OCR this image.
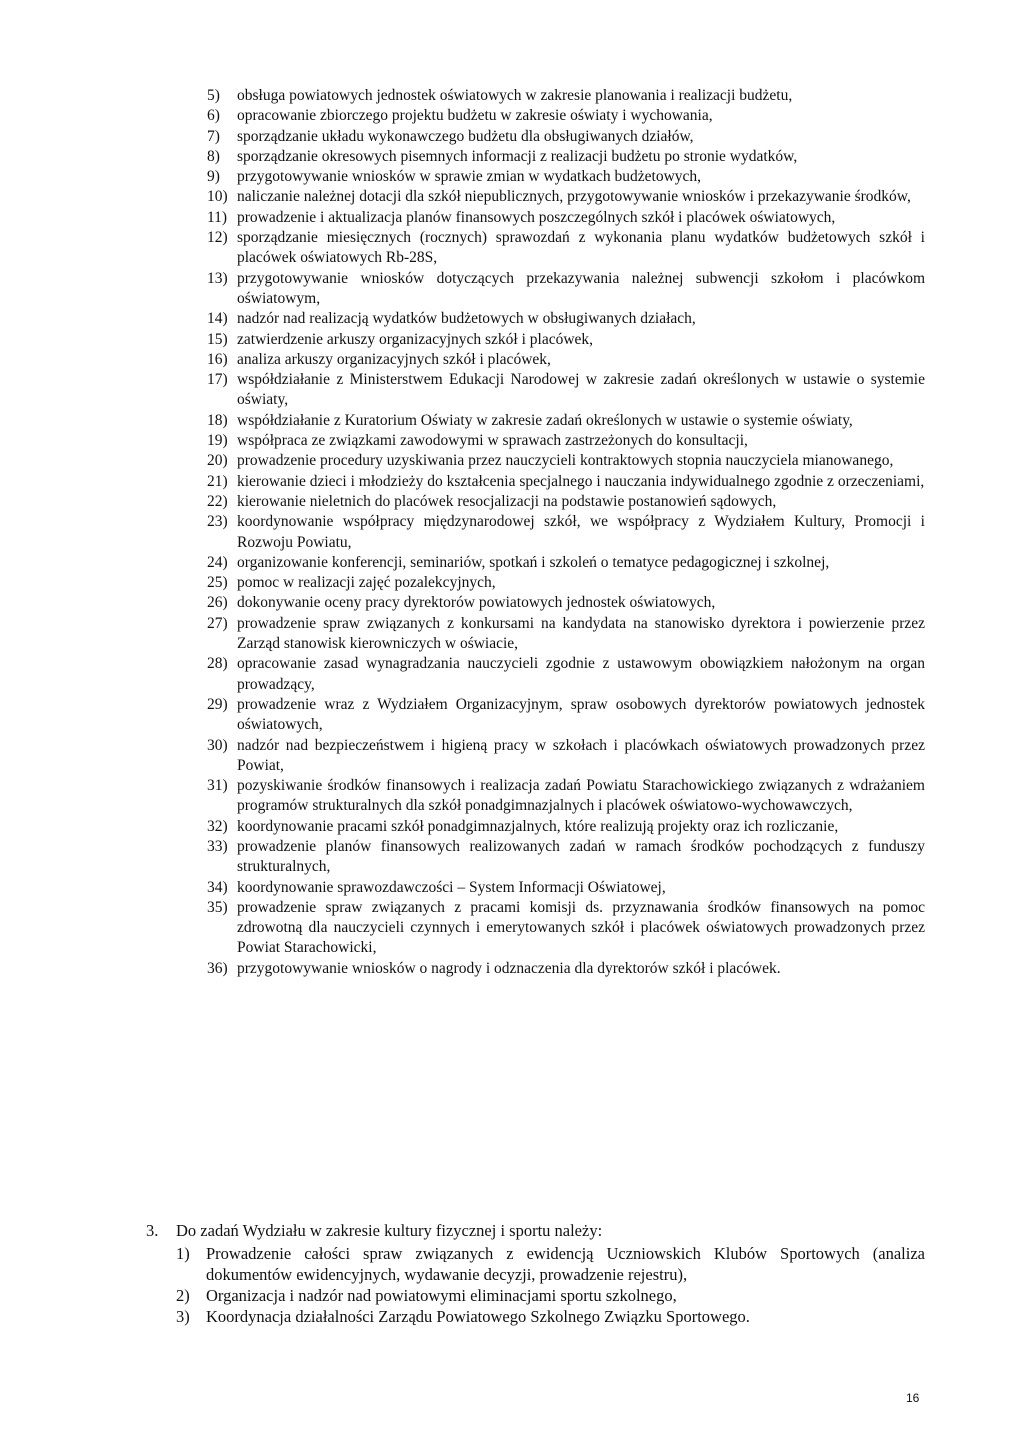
5)	obsługa powiatowych jednostek oświatowych w zakresie planowania i realizacji budżetu,
6)	opracowanie zbiorczego projektu budżetu w zakresie oświaty i wychowania,
7)	sporządzanie układu wykonawczego budżetu dla obsługiwanych działów,
8)	sporządzanie okresowych pisemnych informacji z realizacji budżetu po stronie wydatków,
9)	przygotowywanie wniosków w sprawie zmian w wydatkach budżetowych,
10) naliczanie należnej dotacji dla szkół niepublicznych, przygotowywanie wniosków i przekazywanie środków,
11) prowadzenie i aktualizacja planów finansowych poszczególnych szkół i placówek oświatowych,
12) sporządzanie miesięcznych (rocznych) sprawozdań z wykonania planu wydatków budżetowych szkół i placówek oświatowych Rb-28S,
13) przygotowywanie wniosków dotyczących przekazywania należnej subwencji szkołom i placówkom oświatowym,
14) nadzór nad realizacją wydatków budżetowych w obsługiwanych działach,
15) zatwierdzenie arkuszy organizacyjnych szkół i placówek,
16) analiza arkuszy organizacyjnych szkół i placówek,
17) współdziałanie z Ministerstwem Edukacji Narodowej w zakresie zadań określonych w ustawie o systemie oświaty,
18) współdziałanie z Kuratorium Oświaty w zakresie zadań określonych w ustawie o systemie oświaty,
19) współpraca ze związkami zawodowymi w sprawach zastrzeżonych do konsultacji,
20) prowadzenie procedury uzyskiwania przez nauczycieli kontraktowych stopnia nauczyciela mianowanego,
21) kierowanie dzieci i młodzieży do kształcenia specjalnego i nauczania indywidualnego zgodnie z orzeczeniami,
22) kierowanie nieletnich do placówek resocjalizacji na podstawie postanowień sądowych,
23) koordynowanie współpracy międzynarodowej szkół, we współpracy z Wydziałem Kultury, Promocji i Rozwoju Powiatu,
24) organizowanie konferencji, seminariów, spotkań i szkoleń o tematyce pedagogicznej i szkolnej,
25) pomoc w realizacji zajęć pozalekcyjnych,
26) dokonywanie oceny pracy dyrektorów powiatowych jednostek oświatowych,
27) prowadzenie spraw związanych z konkursami na kandydata na stanowisko dyrektora i powierzenie przez Zarząd stanowisk kierowniczych w oświacie,
28) opracowanie zasad wynagradzania nauczycieli zgodnie z ustawowym obowiązkiem nałożonym na organ prowadzący,
29) prowadzenie wraz z Wydziałem Organizacyjnym, spraw osobowych dyrektorów powiatowych jednostek oświatowych,
30) nadzór nad bezpieczeństwem i higieną pracy w szkołach i placówkach oświatowych prowadzonych przez Powiat,
31) pozyskiwanie środków finansowych i realizacja zadań Powiatu Starachowickiego związanych z wdrażaniem programów strukturalnych dla szkół ponadgimnazjalnych i placówek oświatowo-wychowawczych,
32) koordynowanie pracami szkół ponadgimnazjalnych, które realizują projekty oraz ich rozliczanie,
33) prowadzenie planów finansowych realizowanych zadań w ramach środków pochodzących z funduszy strukturalnych,
34) koordynowanie sprawozdawczości – System Informacji Oświatowej,
35) prowadzenie spraw związanych z pracami komisji ds. przyznawania środków finansowych na pomoc zdrowotną dla nauczycieli czynnych i emerytowanych szkół i placówek oświatowych prowadzonych przez Powiat Starachowicki,
36) przygotowywanie wniosków o nagrody i odznaczenia dla dyrektorów szkół i placówek.
3.	Do zadań Wydziału w zakresie kultury fizycznej i sportu należy:
1) Prowadzenie całości spraw związanych z ewidencją Uczniowskich Klubów Sportowych (analiza dokumentów ewidencyjnych, wydawanie decyzji, prowadzenie rejestru),
2) Organizacja i nadzór nad powiatowymi eliminacjami sportu szkolnego,
3) Koordynacja działalności Zarządu Powiatowego Szkolnego Związku Sportowego.
16
